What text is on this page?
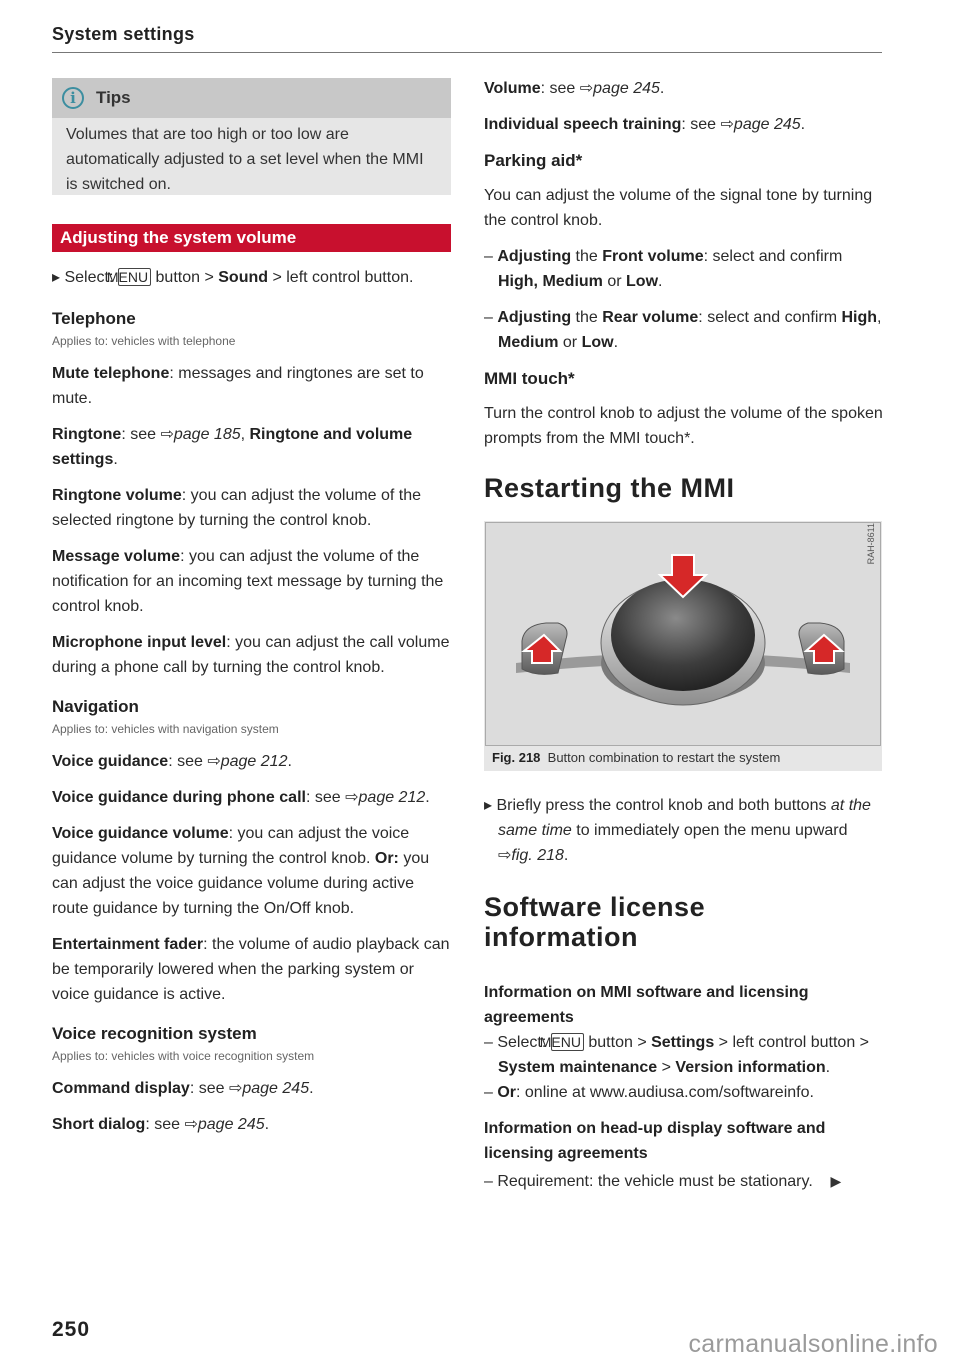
System settings
i	Tips
Volumes that are too high or too low are automatically adjusted to a set level when the MMI is switched on.
Adjusting the system volume

▸ Select: MENU button > Sound > left control button.

Telephone

Applies to: vehicles with telephone

Mute telephone: messages and ringtones are set to mute.

Ringtone: see ⇨page 185, Ringtone and volume settings.

Ringtone volume: you can adjust the volume of the selected ringtone by turning the control knob.

Message volume: you can adjust the volume of the notification for an incoming text message by turning the control knob.

Microphone input level: you can adjust the call volume during a phone call by turning the control knob.

Navigation

Applies to: vehicles with navigation system

Voice guidance: see ⇨page 212.

Voice guidance during phone call: see ⇨page 212.

Voice guidance volume: you can adjust the voice guidance volume by turning the control knob. Or: you can adjust the voice guidance volume during active route guidance by turning the On/Off knob.

Entertainment fader: the volume of audio playback can be temporarily lowered when the parking system or voice guidance is active.

Voice recognition system

Applies to: vehicles with voice recognition system

Command display: see ⇨page 245.

Short dialog: see ⇨page 245.

Volume: see ⇨page 245.

Individual speech training: see ⇨page 245.

Parking aid*

You can adjust the volume of the signal tone by turning the control knob.

– Adjusting the Front volume: select and confirm High, Medium or Low.

– Adjusting the Rear volume: select and confirm High, Medium or Low.

MMI touch*

Turn the control knob to adjust the volume of the spoken prompts from the MMI touch*.

Restarting the MMI
RAH-8611
Fig. 218 Button combination to restart the system

▸ Briefly press the control knob and both buttons at the same time to immediately open the menu upward ⇨fig. 218.

Software license information

Information on MMI software and licensing agreements

– Select: MENU button > Settings > left control button > System maintenance > Version information.

– Or: online at www.audiusa.com/softwareinfo.

Information on head-up display software and licensing agreements

– Requirement: the vehicle must be stationary. ▶

250
carmanualsonline.info
